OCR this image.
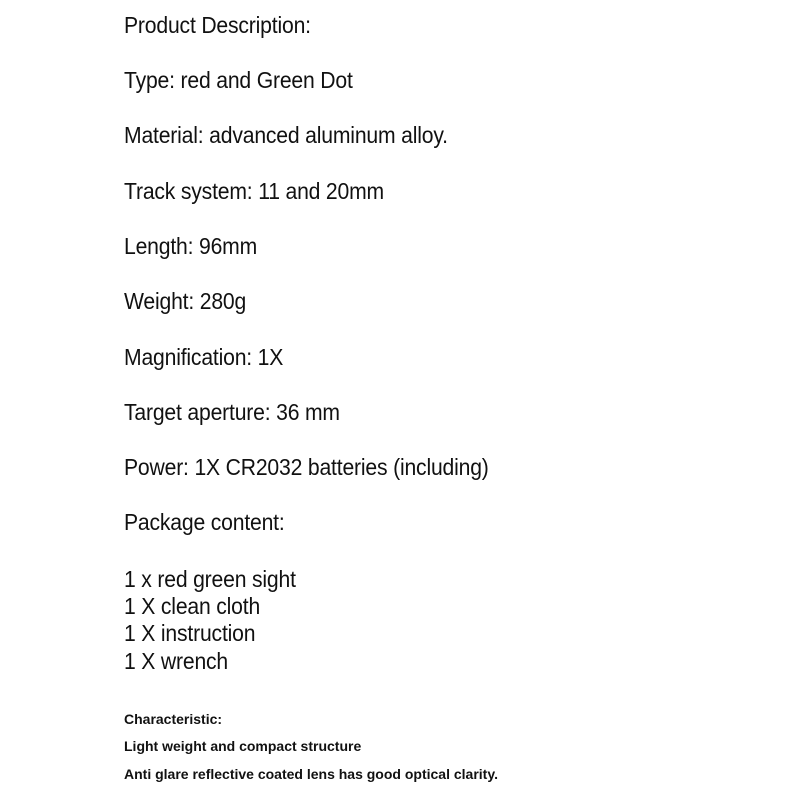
Product Description:
Type: red and Green Dot
Material: advanced aluminum alloy.
Track system: 11 and 20mm
Length: 96mm
Weight: 280g
Magnification: 1X
Target aperture: 36 mm
Power: 1X CR2032 batteries (including)
Package content:
1 x red green sight
1 X clean cloth
1 X instruction
1 X wrench
Characteristic:
Light weight and compact structure
Anti glare reflective coated lens has good optical clarity.
